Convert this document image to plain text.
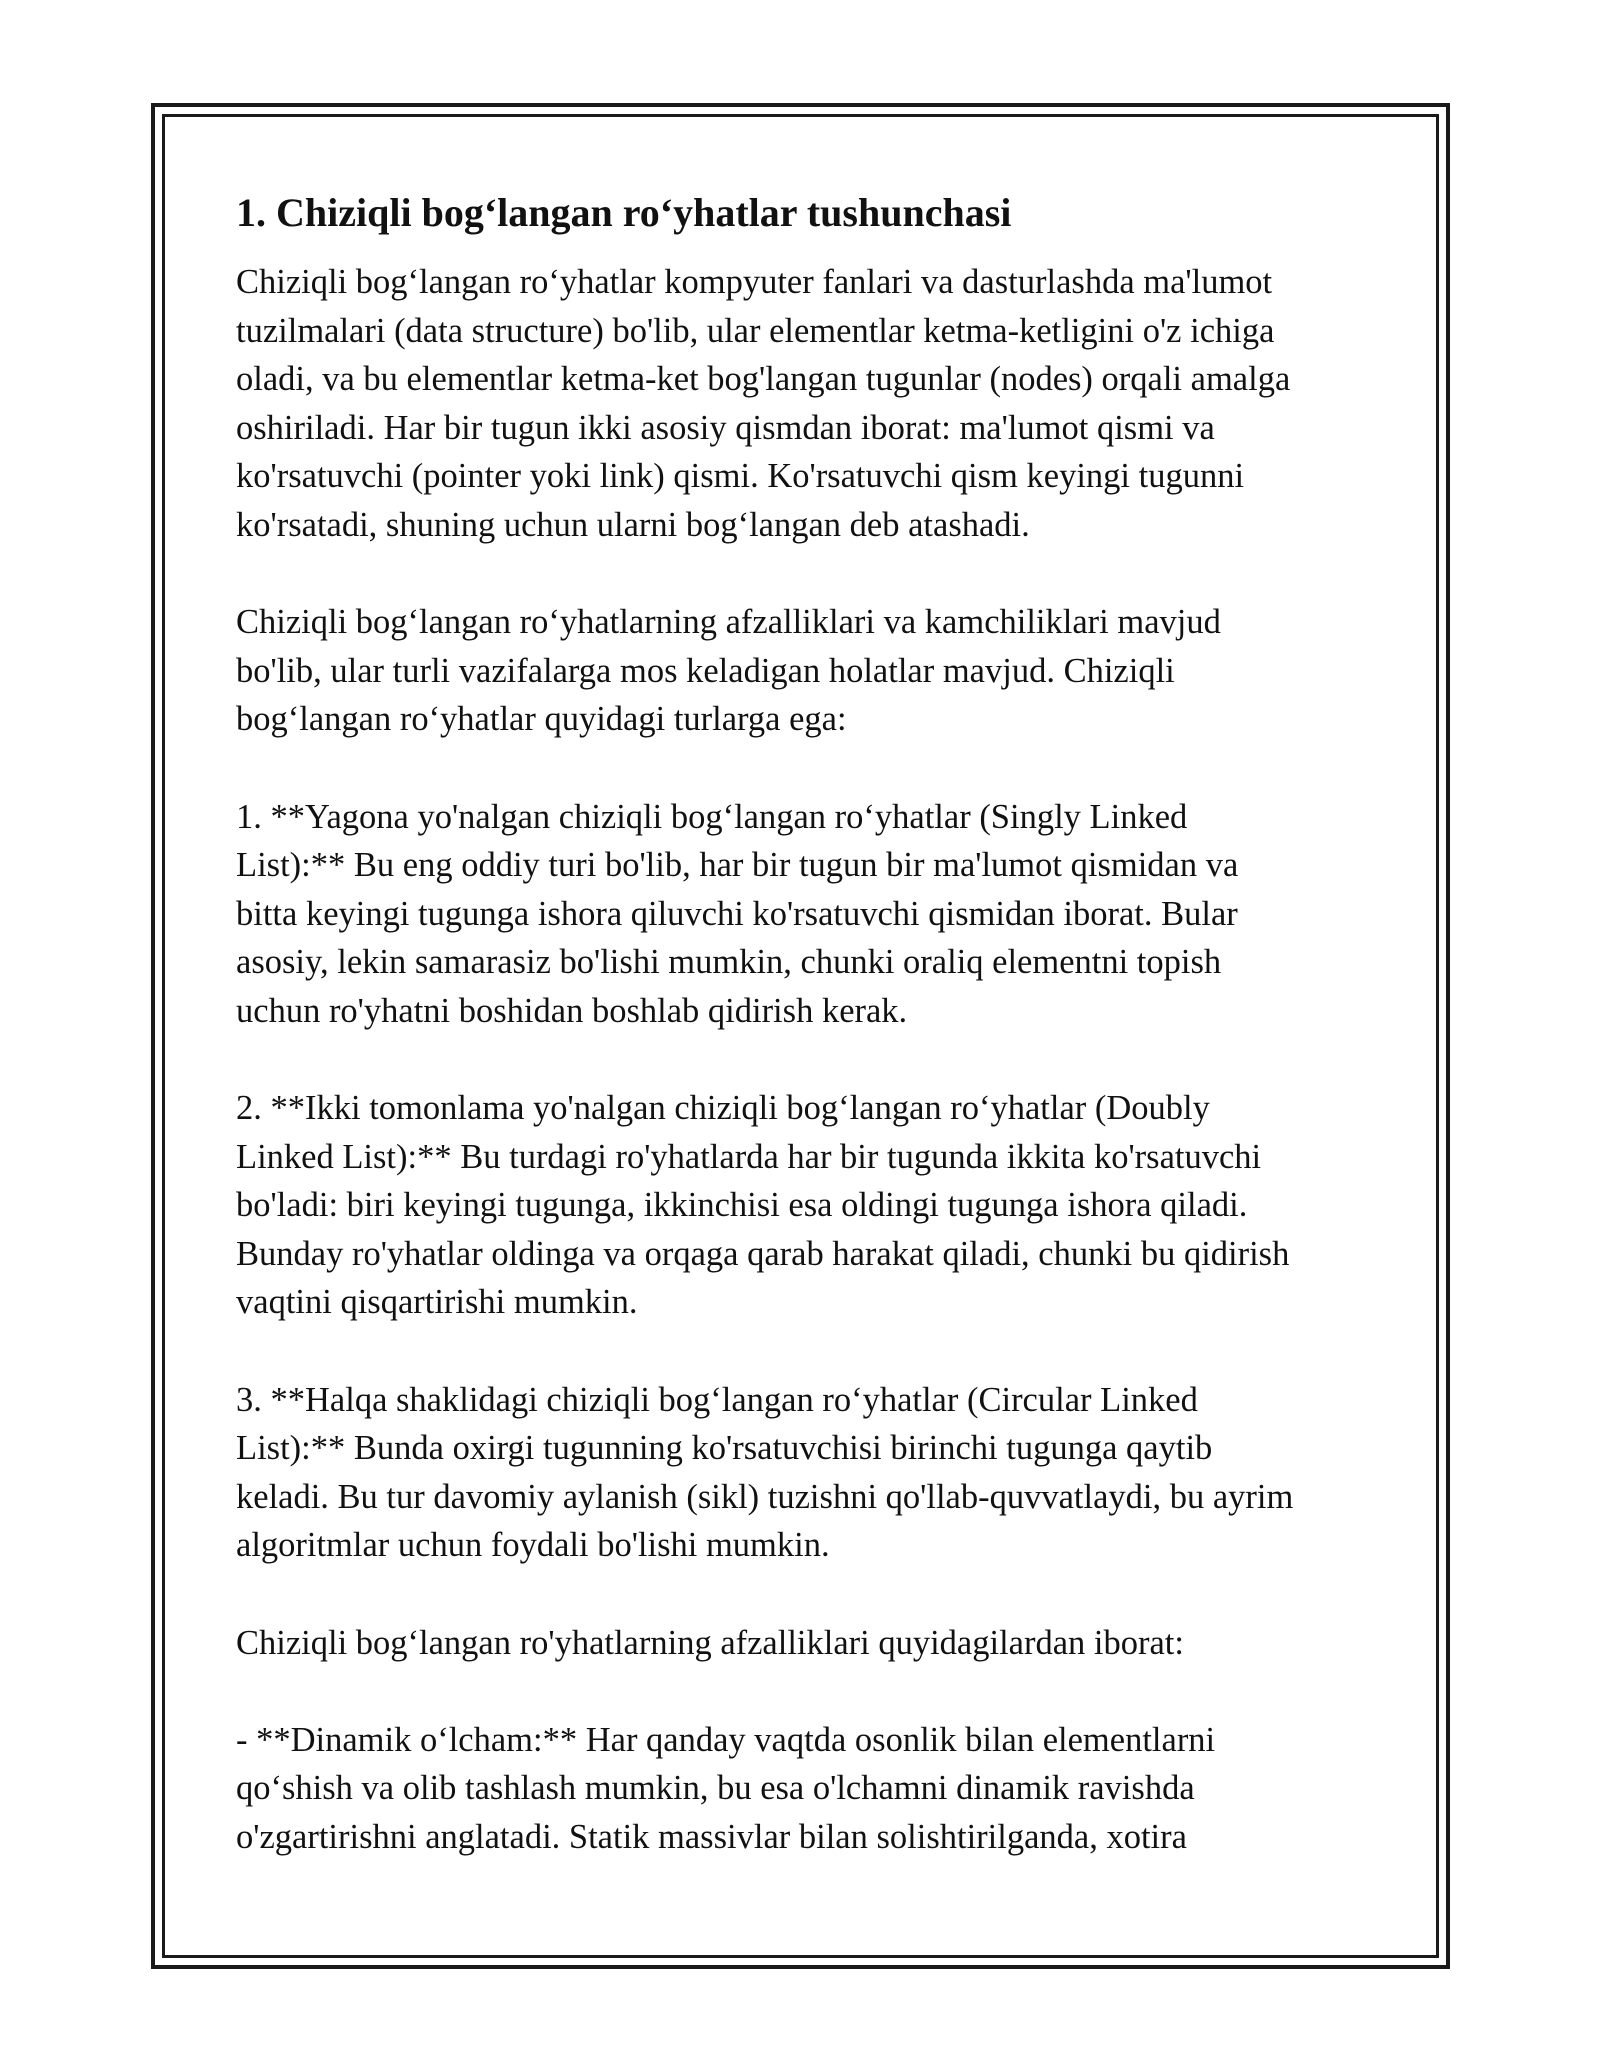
1. Chiziqli bog‘langan ro‘yhatlar tushunchasi

Chiziqli bog‘langan ro‘yhatlar kompyuter fanlari va dasturlashda ma'lumot
tuzilmalari (data structure) bo'lib, ular elementlar ketma-ketligini o'z ichiga
oladi, va bu elementlar ketma-ket bog'langan tugunlar (nodes) orqali amalga
oshiriladi. Har bir tugun ikki asosiy qismdan iborat: ma'lumot qismi va
ko'rsatuvchi (pointer yoki link) qismi. Ko'rsatuvchi qism keyingi tugunni
ko'rsatadi, shuning uchun ularni bog‘langan deb atashadi.

Chiziqli bog‘langan ro‘yhatlarning afzalliklari va kamchiliklari mavjud
bo'lib, ular turli vazifalarga mos keladigan holatlar mavjud. Chiziqli
bog‘langan ro‘yhatlar quyidagi turlarga ega:

1. **Yagona yo'nalgan chiziqli bog‘langan ro‘yhatlar (Singly Linked
List):** Bu eng oddiy turi bo'lib, har bir tugun bir ma'lumot qismidan va
bitta keyingi tugunga ishora qiluvchi ko'rsatuvchi qismidan iborat. Bular
asosiy, lekin samarasiz bo'lishi mumkin, chunki oraliq elementni topish
uchun ro'yhatni boshidan boshlab qidirish kerak.

2. **Ikki tomonlama yo'nalgan chiziqli bog‘langan ro‘yhatlar (Doubly
Linked List):** Bu turdagi ro'yhatlarda har bir tugunda ikkita ko'rsatuvchi
bo'ladi: biri keyingi tugunga, ikkinchisi esa oldingi tugunga ishora qiladi.
Bunday ro'yhatlar oldinga va orqaga qarab harakat qiladi, chunki bu qidirish
vaqtini qisqartirishi mumkin.

3. **Halqa shaklidagi chiziqli bog‘langan ro‘yhatlar (Circular Linked
List):** Bunda oxirgi tugunning ko'rsatuvchisi birinchi tugunga qaytib
keladi. Bu tur davomiy aylanish (sikl) tuzishni qo'llab-quvvatlaydi, bu ayrim
algoritmlar uchun foydali bo'lishi mumkin.

Chiziqli bog‘langan ro'yhatlarning afzalliklari quyidagilardan iborat:

- **Dinamik o‘lcham:** Har qanday vaqtda osonlik bilan elementlarni
qo‘shish va olib tashlash mumkin, bu esa o'lchamni dinamik ravishda
o'zgartirishni anglatadi. Statik massivlar bilan solishtirilganda, xotira
